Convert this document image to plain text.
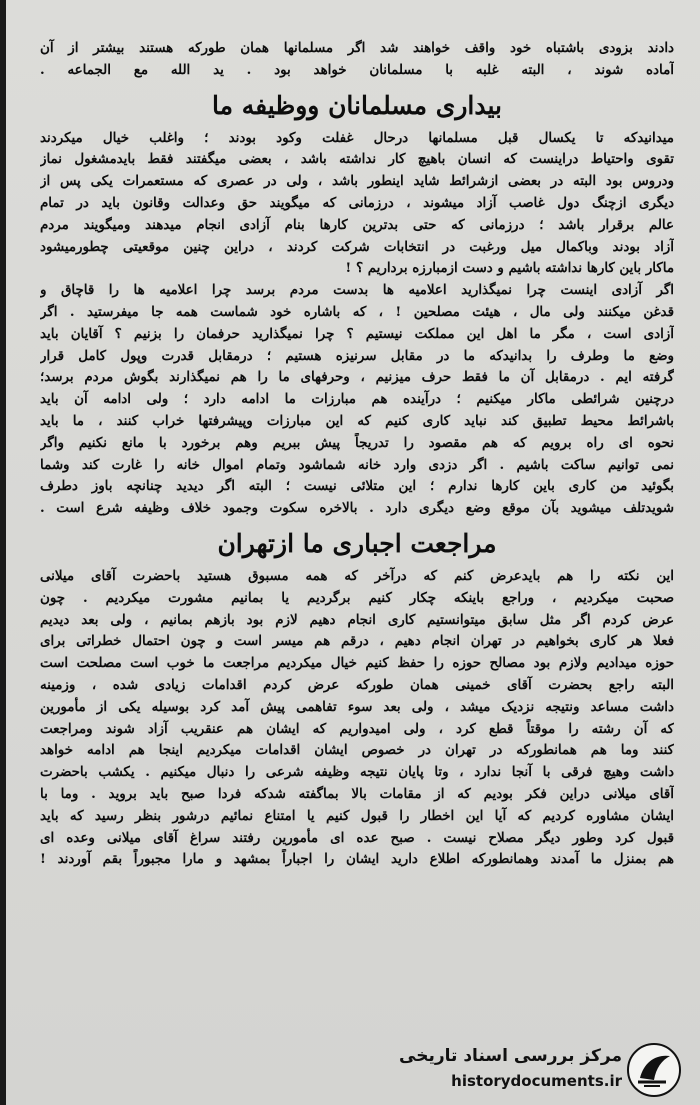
دادند بزودی باشتباه خود واقف خواهند شد اگر مسلمانها همان طورکه هستند بیشتر از آن
آماده شوند ، البته غلبه با مسلمانان خواهد بود . ید الله مع الجماعه .
بیداری مسلمانان ووظیفه ما
میدانیدکه تا یکسال قبل مسلمانها درحال غفلت وکود بودند ؛ واغلب خیال میکردند
تقوی واحتیاط دراینست که انسان باهیچ کار نداشته باشد ، بعضی میگفتند فقط بایدمشغول نماز
ودروس بود البته در بعضی ازشرائط شاید اینطور باشد ، ولی در عصری که مستعمرات یکی پس از
دیگری ازچنگ دول غاصب آزاد میشوند ، درزمانی که میگویند حق وعدالت وقانون باید در تمام
عالم برقرار باشد ؛ درزمانی که حتی بدترین کارها بنام آزادی انجام میدهند ومیگویند مردم
آزاد بودند وباکمال میل ورغبت در انتخابات شرکت کردند ، دراین چنین موقعیتی چطورمیشود
ماکار باین کارها نداشته باشیم و دست ازمبارزه برداریم ؟ !
اگر آزادی اینست چرا نمیگذارید اعلامیه ها بدست مردم برسد چرا اعلامیه ها را قاچاق و
قدغن میکنند ولی مال ، هیئت مصلحین ! ، که باشاره خود شماست همه جا میفرستید . اگر
آزادی است ، مگر ما اهل این مملکت نیستیم ؟ چرا نمیگذارید حرفمان را بزنیم ؟ آقایان باید
وضع ما وطرف را بدانیدکه ما در مقابل سرنیزه هستیم ؛ درمقابل قدرت وپول کامل قرار
گرفته ایم . درمقابل آن ما فقط حرف میزنیم ، وحرفهای ما را هم نمیگذارند بگوش مردم برسد؛
درچنین شرائطی ماکار میکنیم ؛ درآینده هم مبارزات ما ادامه دارد ؛ ولی ادامه آن باید
باشرائط محیط تطبیق کند نباید کاری کنیم که این مبارزات وپیشرفتها خراب کنند ، ما باید
نحوه ای راه برویم که هم مقصود را تدریجاً پیش ببریم وهم برخورد با مانع نکنیم واگر
نمی توانیم ساکت باشیم . اگر دزدی وارد خانه شماشود وتمام اموال خانه را غارت کند وشما
بگوئید من کاری باین کارها ندارم ؛ این متلائی نیست ؛ البته اگر دیدید چنانچه باوز دطرف
شویدتلف میشوید بآن موقع وضع دیگری دارد . بالاخره سکوت وجمود خلاف وظیفه شرع است .
مراجعت اجباری ما ازتهران
این نکته را هم بایدعرض کنم که درآخر که همه مسبوق هستید باحضرت آقای میلانی
صحبت میکردیم ، وراجع باینکه چکار کنیم برگردیم یا بمانیم مشورت میکردیم . چون
عرض کردم اگر مثل سابق میتوانستیم کاری انجام دهیم لازم بود بازهم بمانیم ، ولی بعد دیدیم
فعلا هر کاری بخواهیم در تهران انجام دهیم ، درقم هم میسر است و چون احتمال خطراتی برای
حوزه میدادیم ولازم بود مصالح حوزه را حفظ کنیم خیال میکردیم مراجعت ما خوب است مصلحت است
البته راجع بحضرت آقای خمینی همان طورکه عرض کردم اقدامات زیادی شده ، وزمینه
داشت مساعد ونتیجه نزدیک میشد ، ولی بعد سوء تفاهمی پیش آمد کرد بوسیله یکی از مأمورین
که آن رشته را موقتاً قطع کرد ، ولی امیدواریم که ایشان هم عنقریب آزاد شوند ومراجعت
کنند وما هم همانطورکه در تهران در خصوص ایشان اقدامات میکردیم اینجا هم ادامه خواهد
داشت وهیچ فرقی با آنجا ندارد ، وتا پایان نتیجه وظیفه شرعی را دنبال میکنیم . یکشب باحضرت
آقای میلانی دراین فکر بودیم که از مقامات بالا بماگفته شدکه فردا صبح باید بروید . وما با
ایشان مشاوره کردیم که آیا این اخطار را قبول کنیم یا امتناع نمائیم درشور بنظر رسید که باید
قبول کرد وطور دیگر مصلاح نیست . صبح عده ای مأمورین رفتند سراغ آقای میلانی وعده ای
هم بمنزل ما آمدند وهمانطورکه اطلاع دارید ایشان را اجباراً بمشهد و مارا مجبوراً بقم آوردند !
مرکز بررسی اسناد تاریخی
historydocuments.ir
